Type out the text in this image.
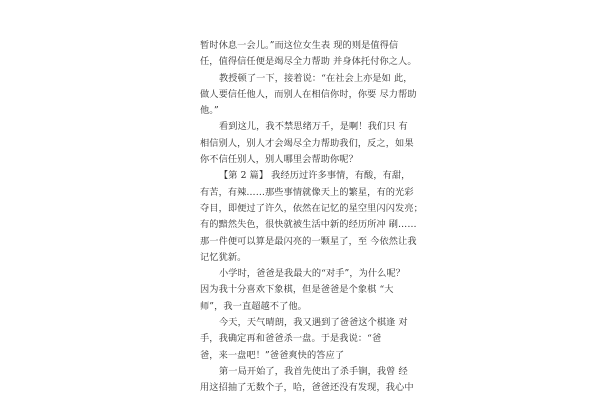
暂时休息一会儿。”而这位女生表 现的则是值得信
任，值得信任便是竭尽全力帮助 并身体托付你之人。
教授顿了一下，接着说：“在社会上亦是如 此，
做人要信任他人，而别人在相信你时，你要 尽力帮助
他。”
看到这儿，我不禁思绪万千，是啊！我们只 有
相信别人，别人才会竭尽全力帮助我们，反之，如果
你不信任别人，别人哪里会帮助你呢？
【第 2 篇】 我经历过许多事情，有酸，有甜，
有苦，有辣……那些事情就像天上的繁星，有的光彩
夺目，即便过了许久，依然在记忆的星空里闪闪发亮；
有的黯然失色，很快就被生活中新的经历所冲 刷……
那一件便可以算是最闪亮的一颗星了，至 今依然让我
记忆犹新。
小学时，爸爸是我最大的“对手”，为什么呢？
因为我十分喜欢下象棋，但是爸爸是个象棋 “大
师”，我一直超越不了他。
今天，天气晴朗，我又遇到了爸爸这个棋逢 对
手，我确定再和爸爸杀一盘。于是我说：“爸
爸，来一盘吧！”爸爸爽快的答应了
第一局开始了，我首先使出了杀手锏，我曾 经
用这招抽了无数个子，哈，爸爸还没有发现，我心中
